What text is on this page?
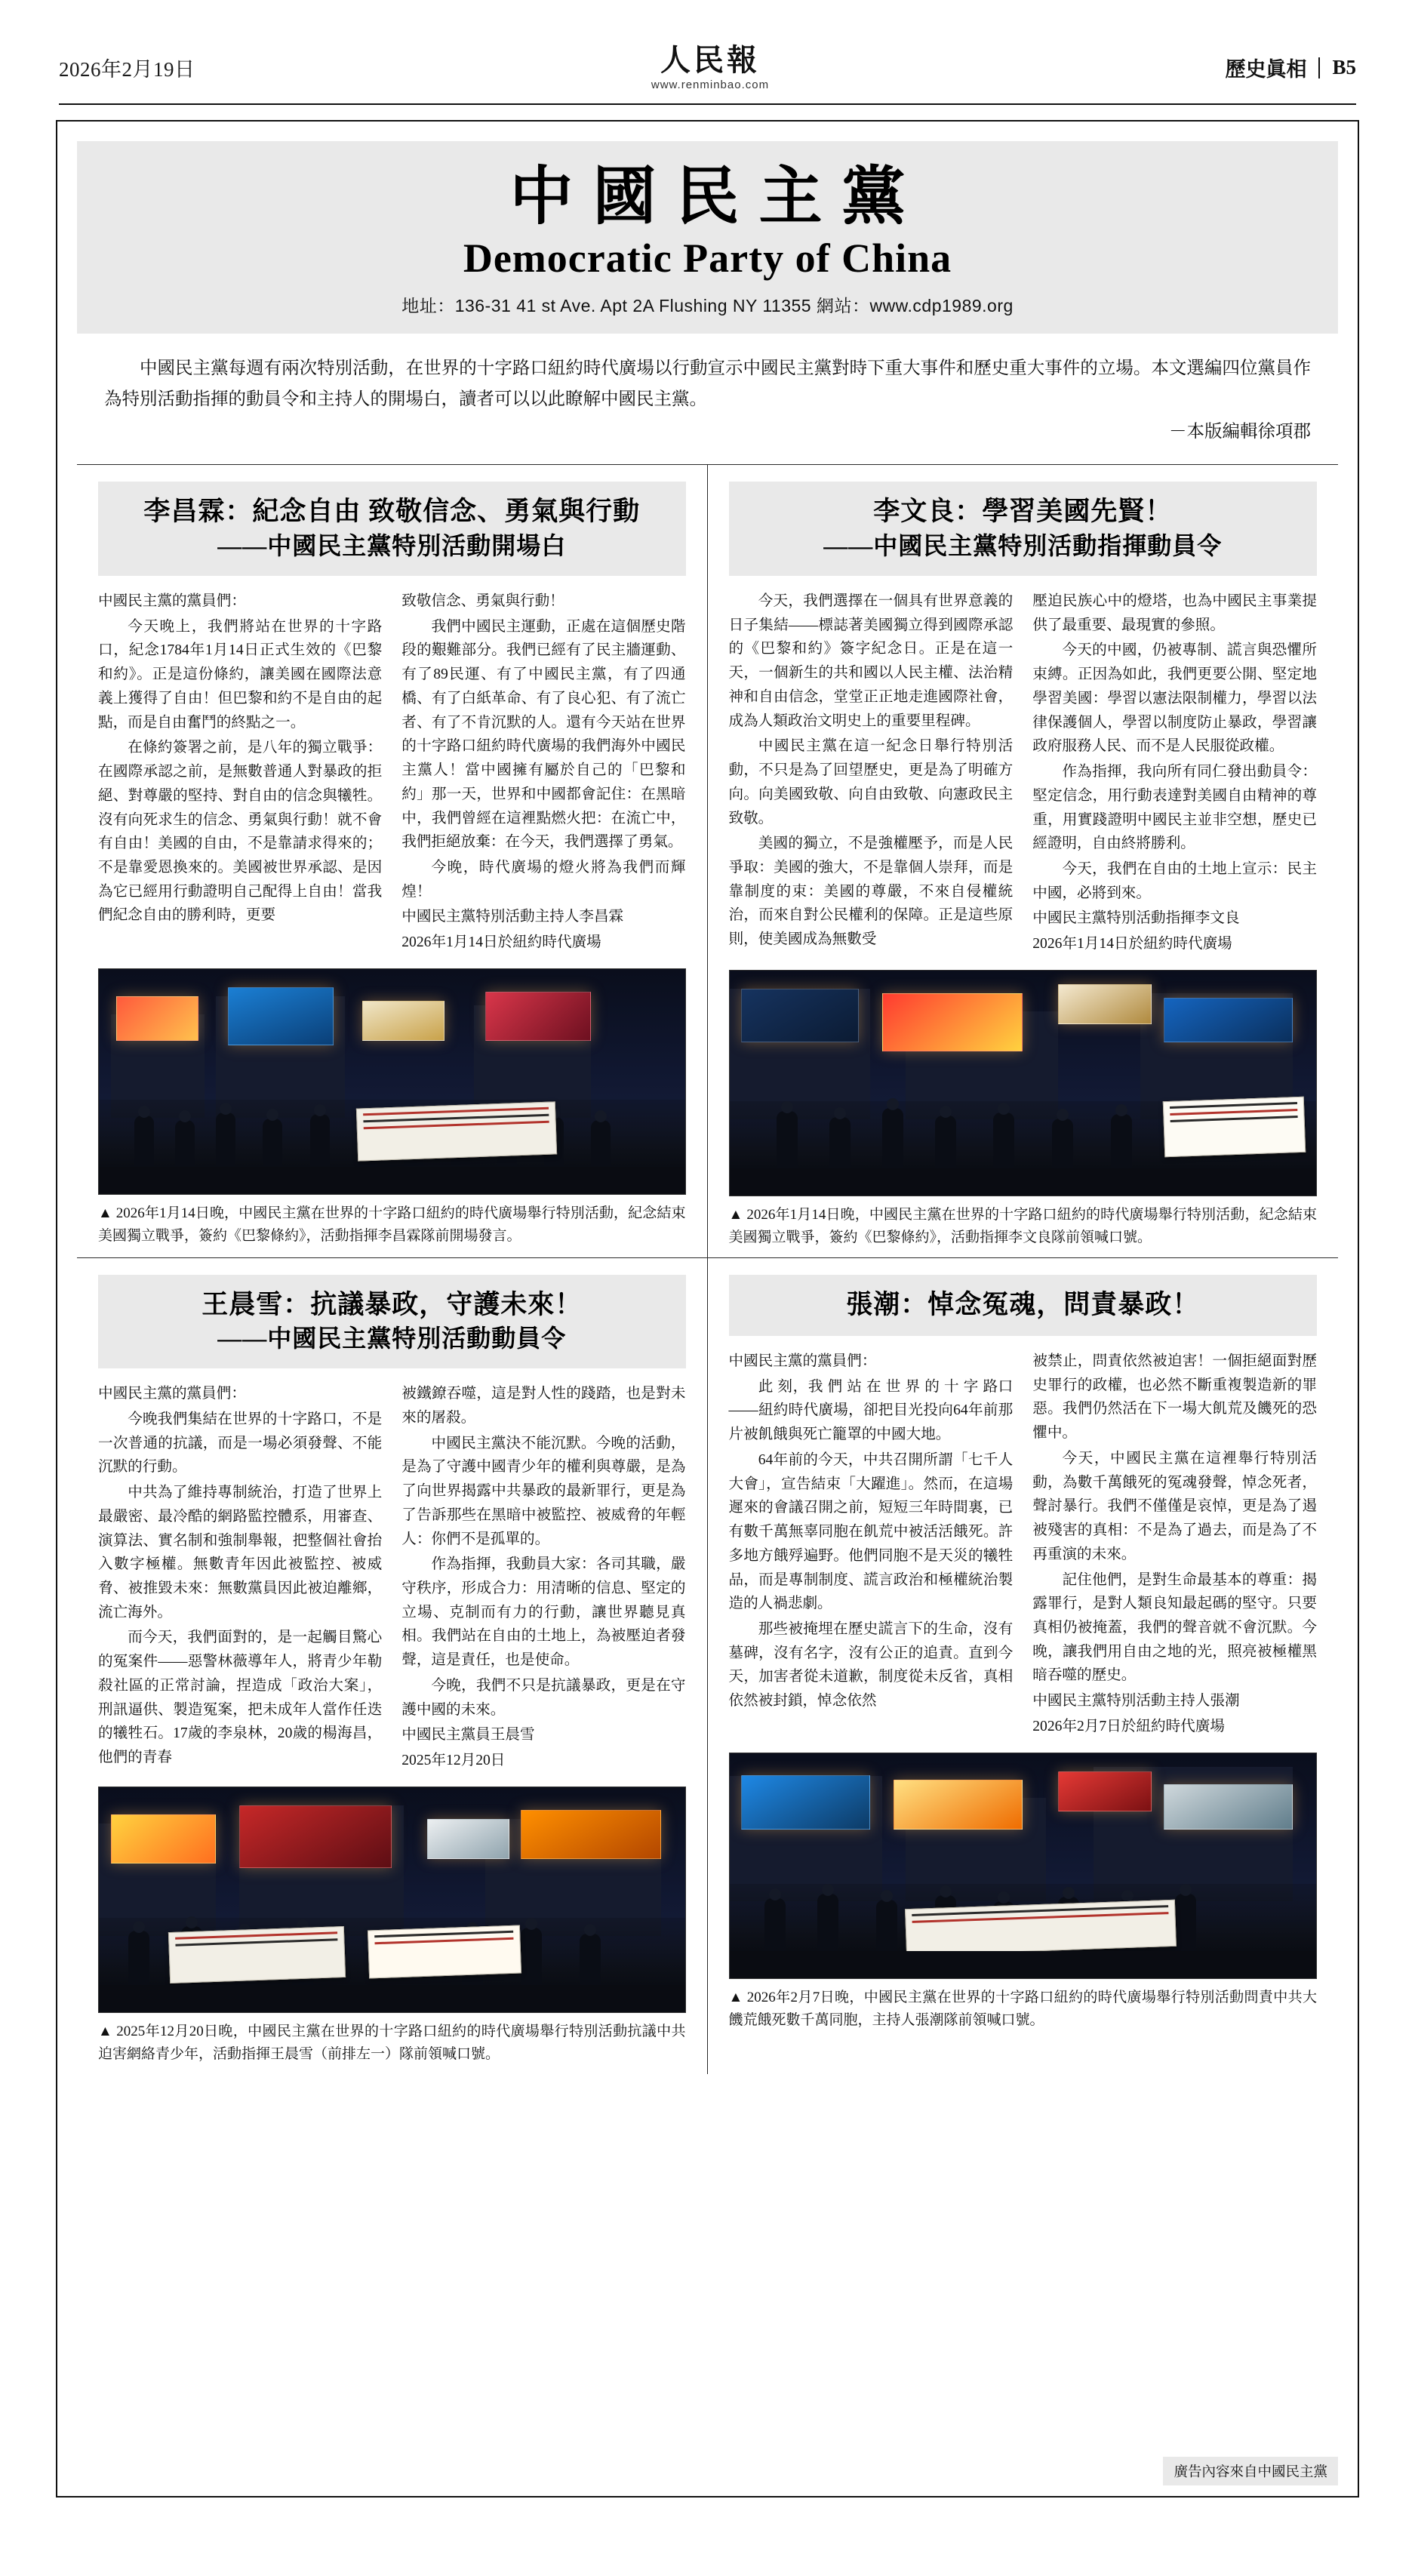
2026年2月19日	人民報
www.renminbao.com
歷史眞相 B5
中國民主黨
Democratic Party of China
地址：136-31 41 st Ave. Apt 2A Flushing NY 11355 網站：www.cdp1989.org
中國民主黨每週有兩次特別活動，在世界的十字路口紐約時代廣場以行動宣示中國民主黨對時下重大事件和歷史重大事件的立場。本文選編四位黨員作為特別活動指揮的動員令和主持人的開場白，讀者可以以此瞭解中國民主黨。
－本版編輯徐項郡
李昌霖：紀念自由 致敬信念、勇氣與行動
——中國民主黨特別活動開場白

中國民主黨的黨員們：

今天晚上，我們將站在世界的十字路口，紀念1784年1月14日正式生效的《巴黎和約》。正是這份條約，讓美國在國際法意義上獲得了自由！但巴黎和約不是自由的起點，而是自由奮鬥的終點之一。

在條約簽署之前，是八年的獨立戰爭：在國際承認之前，是無數普通人對暴政的拒絕、對尊嚴的堅持、對自由的信念與犧牲。沒有向死求生的信念、勇氣與行動！就不會有自由！美國的自由，不是靠請求得來的；不是靠愛恩換來的。美國被世界承認、是因為它已經用行動證明自己配得上自由！當我們紀念自由的勝利時，更要

致敬信念、勇氣與行動！

我們中國民主運動，正處在這個歷史階段的艱難部分。我們已經有了民主牆運動、有了89民運、有了中國民主黨，有了四通橋、有了白紙革命、有了良心犯、有了流亡者、有了不肯沉默的人。還有今天站在世界的十字路口紐約時代廣場的我們海外中國民主黨人！當中國擁有屬於自己的「巴黎和約」那一天，世界和中國都會記住：在黑暗中，我們曾經在這裡點燃火把：在流亡中，我們拒絕放棄：在今天，我們選擇了勇氣。

今晚，時代廣場的燈火將為我們而輝煌！

中國民主黨特別活動主持人李昌霖

2026年1月14日於紐約時代廣場

▲ 2026年1月14日晚，中國民主黨在世界的十字路口紐約的時代廣場舉行特別活動，紀念結束美國獨立戰爭，簽約《巴黎條約》，活動指揮李昌霖隊前開場發言。
李文良：學習美國先賢！
——中國民主黨特別活動指揮動員令

今天，我們選擇在一個具有世界意義的日子集結——標誌著美國獨立得到國際承認的《巴黎和約》簽字紀念日。正是在這一天，一個新生的共和國以人民主權、法治精神和自由信念，堂堂正正地走進國際社會，成為人類政治文明史上的重要里程碑。

中國民主黨在這一紀念日舉行特別活動，不只是為了回望歷史，更是為了明確方向。向美國致敬、向自由致敬、向憲政民主致敬。

美國的獨立，不是強權壓予，而是人民爭取：美國的強大，不是靠個人崇拜，而是靠制度的束：美國的尊嚴，不來自侵權統治，而來自對公民權利的保障。正是這些原則，使美國成為無數受

壓迫民族心中的燈塔，也為中國民主事業提供了最重要、最現實的參照。

今天的中國，仍被專制、謊言與恐懼所束縛。正因為如此，我們更要公開、堅定地學習美國：學習以憲法限制權力，學習以法律保護個人，學習以制度防止暴政，學習讓政府服務人民、而不是人民服從政權。

作為指揮，我向所有同仁發出動員令：堅定信念，用行動表達對美國自由精神的尊重，用實踐證明中國民主並非空想，歷史已經證明，自由終將勝利。

今天，我們在自由的土地上宣示：民主中國，必將到來。

中國民主黨特別活動指揮李文良

2026年1月14日於紐約時代廣場

▲ 2026年1月14日晚，中國民主黨在世界的十字路口紐約的時代廣場舉行特別活動，紀念結束美國獨立戰爭，簽約《巴黎條約》，活動指揮李文良隊前領喊口號。
王晨雪：抗議暴政，守護未來！
——中國民主黨特別活動動員令

中國民主黨的黨員們：

今晚我們集結在世界的十字路口，不是一次普通的抗議，而是一場必須發聲、不能沉默的行動。

中共為了維持專制統治，打造了世界上最嚴密、最冷酷的網路監控體系，用審查、演算法、實名制和強制舉報，把整個社會抬入數字極權。無數青年因此被監控、被威脅、被推毀未來：無數黨員因此被迫離鄉，流亡海外。

而今天，我們面對的，是一起觸目驚心的冤案件——惡警林薇導年人，將青少年勒殺社區的正常討論，捏造成「政治大案」，刑訊逼供、製造冤案，把未成年人當作任迭的犧牲石。17歲的李泉林，20歲的楊海昌，他們的青春

被鐵鐐吞噬，這是對人性的踐踏，也是對未來的屠殺。

中國民主黨決不能沉默。今晚的活動，是為了守護中國青少年的權利與尊嚴，是為了向世界揭露中共暴政的最新罪行，更是為了告訴那些在黑暗中被監控、被威脅的年輕人：你們不是孤單的。

作為指揮，我動員大家：各司其職，嚴守秩序，形成合力：用清晰的信息、堅定的立場、克制而有力的行動，讓世界聽見真相。我們站在自由的土地上，為被壓迫者發聲，這是責任，也是使命。

今晚，我們不只是抗議暴政，更是在守護中國的未來。

中國民主黨員王晨雪

2025年12月20日

▲ 2025年12月20日晚，中國民主黨在世界的十字路口紐約的時代廣場舉行特別活動抗議中共迫害網絡青少年，活動指揮王晨雪（前排左一）隊前領喊口號。
張潮：悼念冤魂，問責暴政！

中國民主黨的黨員們：

此 刻，我 們 站 在 世 界 的 十 字 路口——紐約時代廣場，卻把目光投向64年前那片被飢餓與死亡籠罩的中國大地。

64年前的今天，中共召開所謂「七千人大會」，宣告結束「大躍進」。然而，在這場遲來的會議召開之前，短短三年時間裏，已有數千萬無辜同胞在飢荒中被活活餓死。許多地方餓殍遍野。他們同胞不是天災的犧牲品，而是專制制度、謊言政治和極權統治製造的人禍悲劇。

那些被掩埋在歷史謊言下的生命，沒有墓碑，沒有名字，沒有公正的追責。直到今天，加害者從未道歉，制度從未反省，真相依然被封鎖，悼念依然

被禁止，問責依然被迫害！一個拒絕面對歷史罪行的政權，也必然不斷重複製造新的罪惡。我們仍然活在下一場大飢荒及饑死的恐懼中。

今天，中國民主黨在這裡舉行特別活動，為數千萬餓死的冤魂發聲，悼念死者，聲討暴行。我們不僅僅是哀悼，更是為了遏被殘害的真相：不是為了過去，而是為了不再重演的未來。

記住他們，是對生命最基本的尊重：揭露罪行，是對人類良知最起碼的堅守。只要真相仍被掩蓋，我們的聲音就不會沉默。今晚，讓我們用自由之地的光，照亮被極權黑暗吞噬的歷史。

中國民主黨特別活動主持人張潮

2026年2月7日於紐約時代廣場

▲ 2026年2月7日晚，中國民主黨在世界的十字路口紐約的時代廣場舉行特別活動問責中共大饑荒餓死數千萬同胞，主持人張潮隊前領喊口號。
廣告內容來自中國民主黨
